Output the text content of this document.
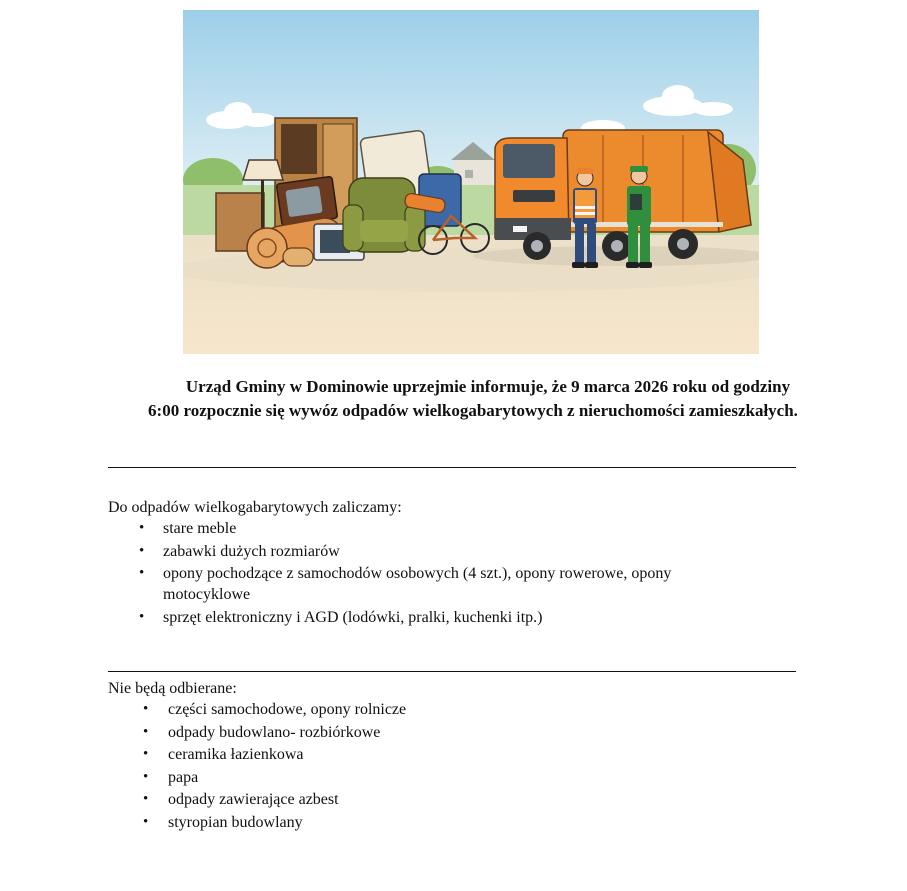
Urząd Gminy w Dominowie uprzejmie informuje, że 9 marca 2026 roku od godziny
6:00 rozpocznie się wywóz odpadów wielkogabarytowych z nieruchomości zamieszkałych.
Do odpadów wielkogabarytowych zaliczamy:
• stare meble
• zabawki dużych rozmiarów
• opony pochodzące z samochodów osobowych (4 szt.), opony rowerowe, opony motocyklowe
• sprzęt elektroniczny i AGD (lodówki, pralki, kuchenki itp.)
Nie będą odbierane:
• części samochodowe, opony rolnicze
• odpady budowlano- rozbiórkowe
• ceramika łazienkowa
• papa
• odpady zawierające azbest
• styropian budowlany
